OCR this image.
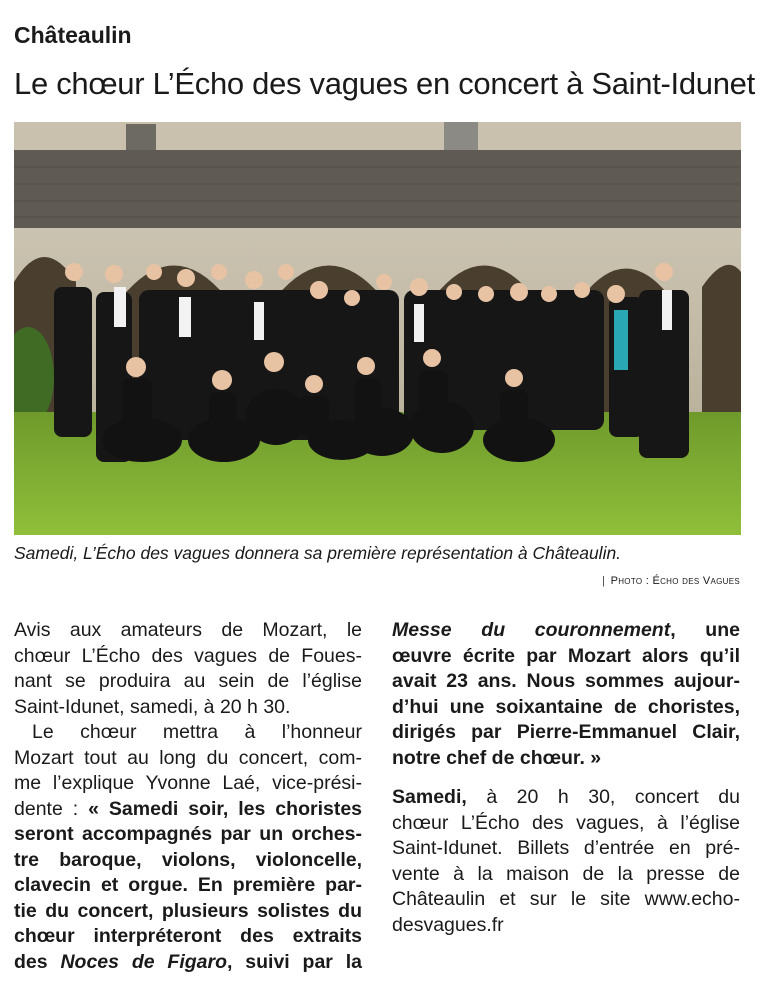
Châteaulin
Le chœur L’Écho des vagues en concert à Saint-Idunet
Samedi, L’Écho des vagues donnera sa première représentation à Châteaulin.
| Photo : Écho des Vagues
Avis aux amateurs de Mozart, le
chœur L’Écho des vagues de Foues-
nant se produira au sein de l’église
Saint-Idunet, samedi, à 20 h 30.
Le chœur mettra à l’honneur
Mozart tout au long du concert, com-
me l’explique Yvonne Laé, vice-prési-
dente : « Samedi soir, les choristes
seront accompagnés par un orches-
tre baroque, violons, violoncelle,
clavecin et orgue. En première par-
tie du concert, plusieurs solistes du
chœur interpréteront des extraits
des Noces de Figaro, suivi par la
Messe du couronnement, une
œuvre écrite par Mozart alors qu’il
avait 23 ans. Nous sommes aujour-
d’hui une soixantaine de choristes,
dirigés par Pierre-Emmanuel Clair,
notre chef de chœur. »
Samedi, à 20 h 30, concert du
chœur L’Écho des vagues, à l’église
Saint-Idunet. Billets d’entrée en pré-
vente à la maison de la presse de
Châteaulin et sur le site www.echo-
desvagues.fr
